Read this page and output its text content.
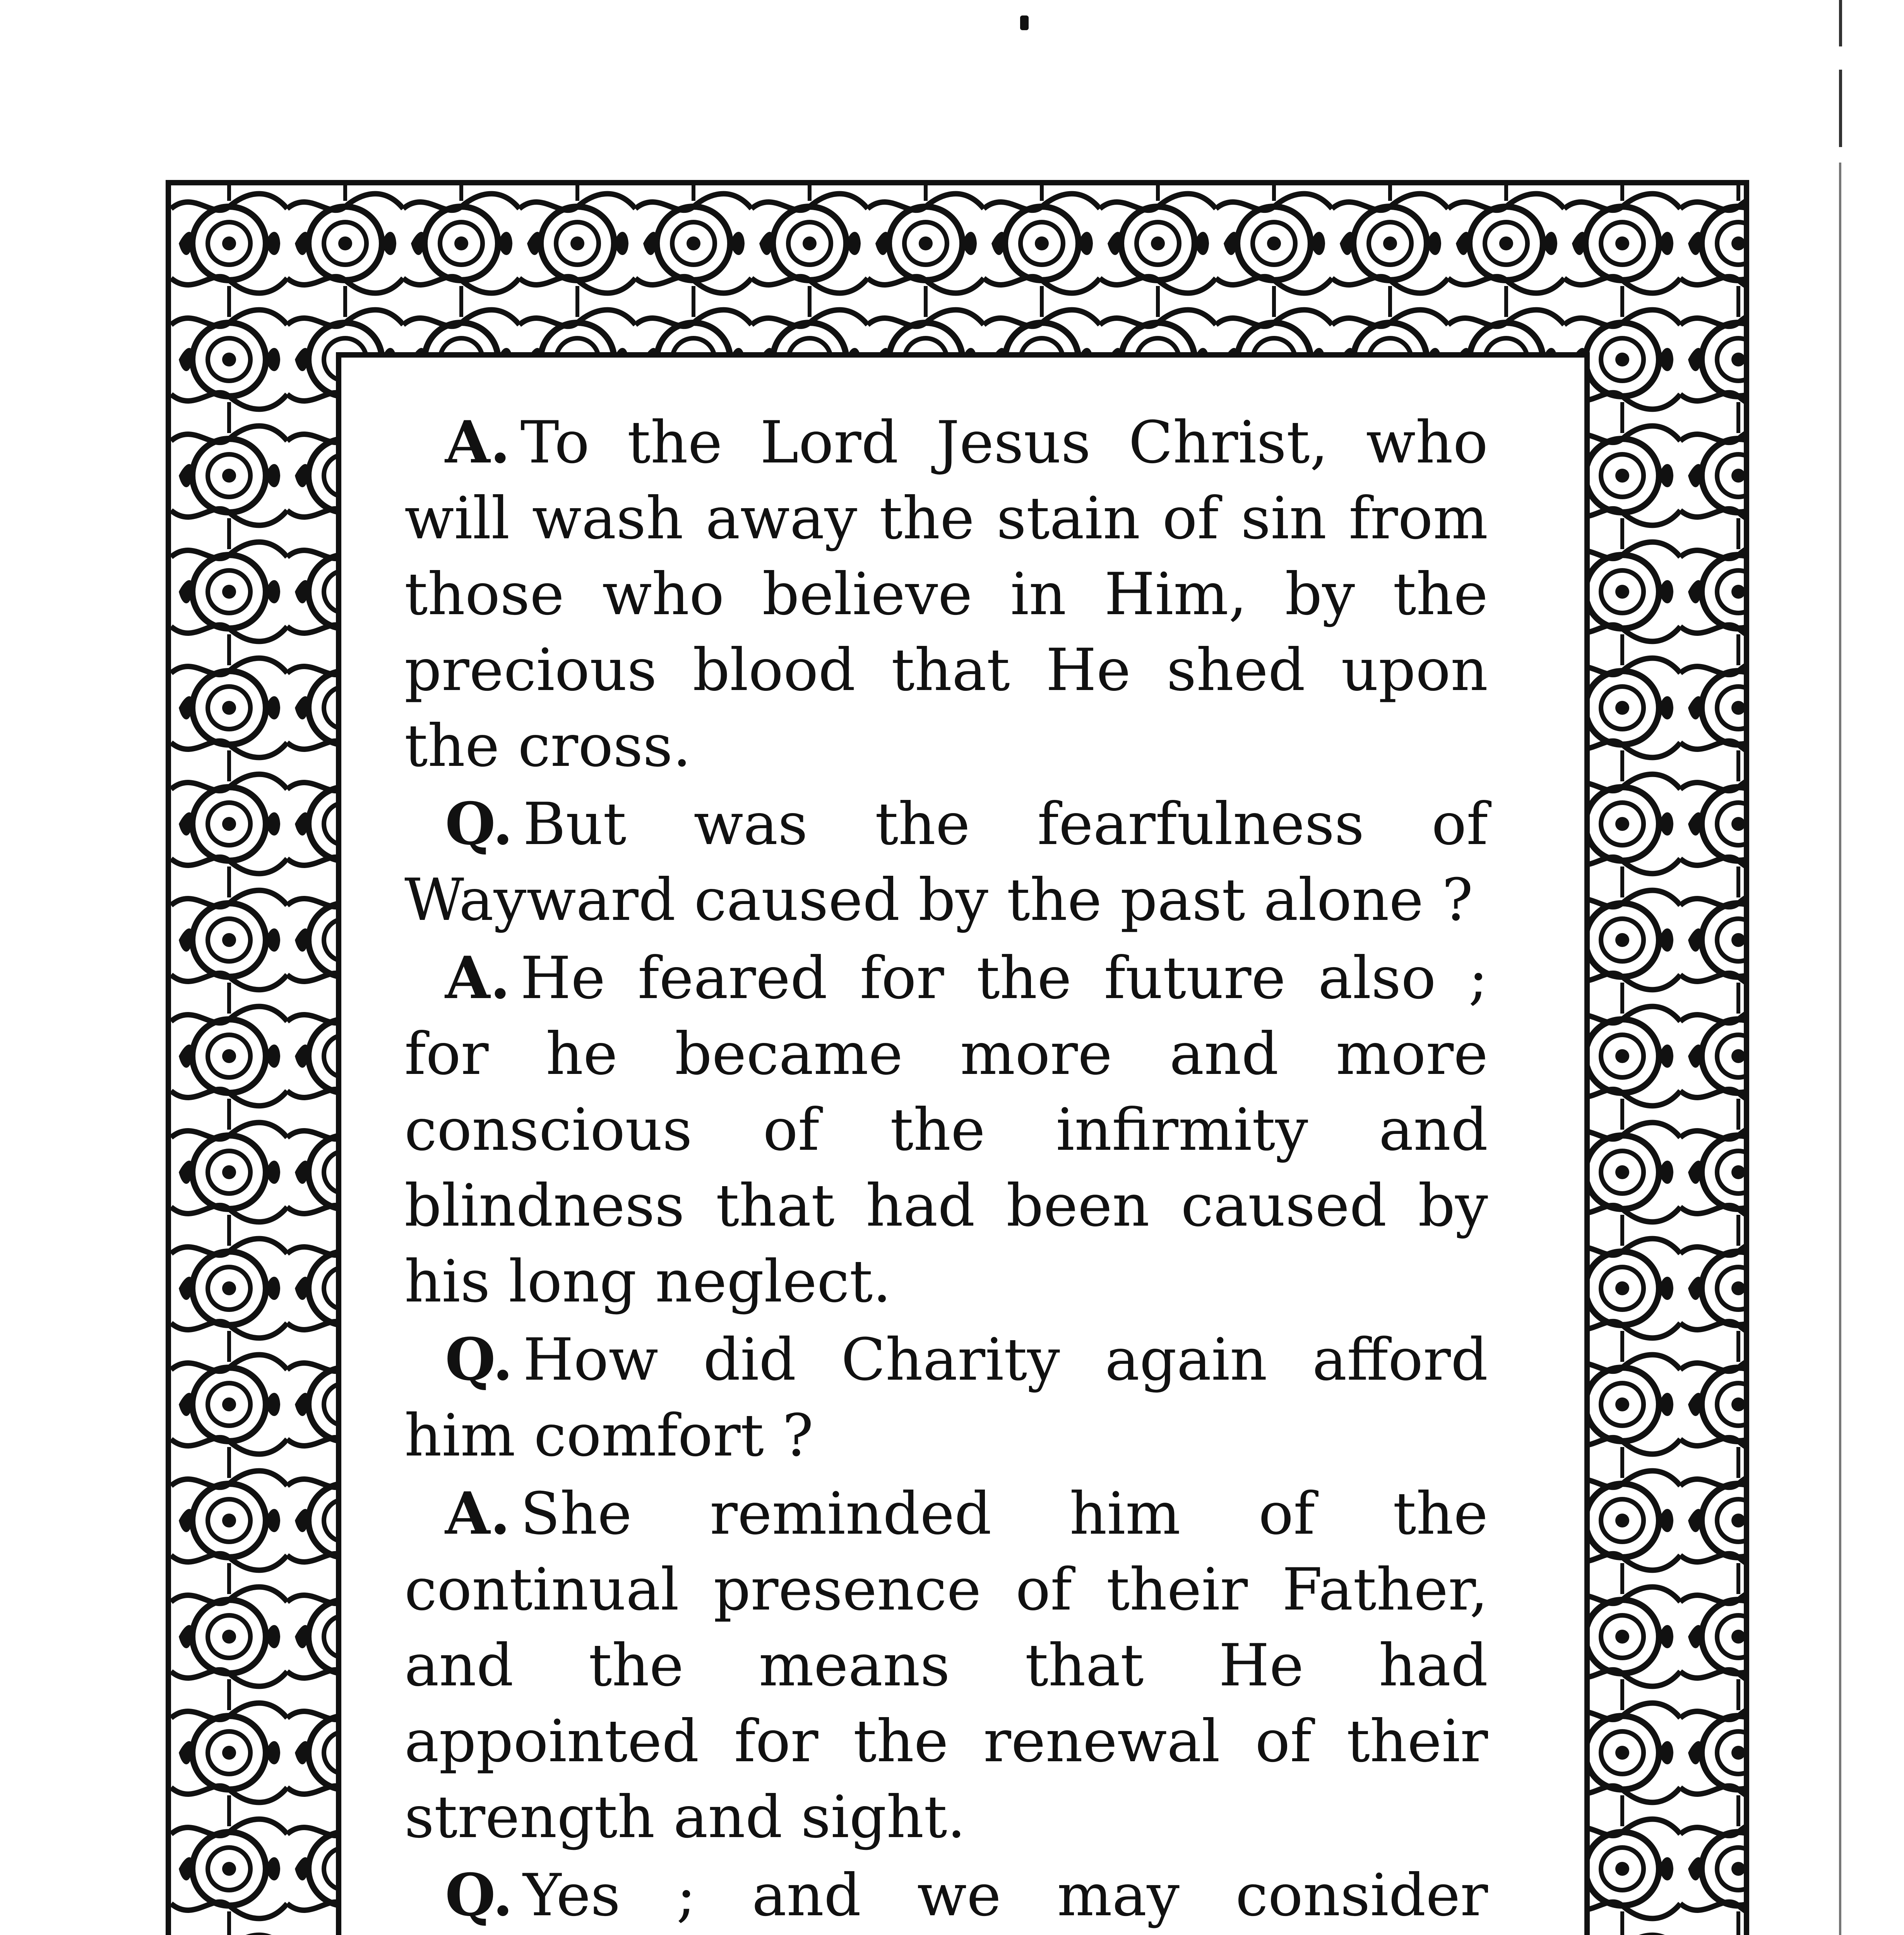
A. To the Lord Jesus Christ, who will wash away the stain of sin from those who believe in Him, by the precious blood that He shed upon the cross.

Q. But was the fearfulness of Wayward caused by the past alone ?

A. He feared for the future also ; for he became more and more conscious of the infirmity and blindness that had been caused by his long neglect.

Q. How did Charity again afford him comfort ?

A. She reminded him of the continual presence of their Father, and the means that He had appointed for the renewal of their strength and sight.

Q. Yes ; and we may consider
